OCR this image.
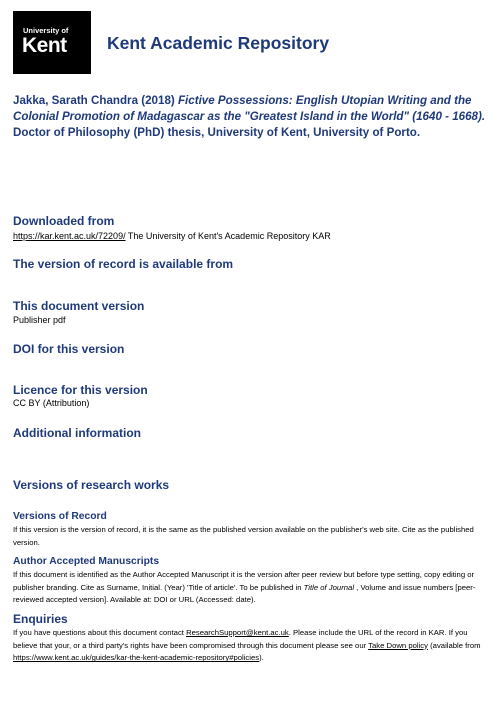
University of
Kent Kent Academic Repository
Jakka, Sarath Chandra (2018) Fictive Possessions: English Utopian Writing and the Colonial Promotion of Madagascar as the "Greatest Island in the World" (1640 - 1668). Doctor of Philosophy (PhD) thesis, University of Kent, University of Porto.
Downloaded from
https://kar.kent.ac.uk/72209/ The University of Kent's Academic Repository KAR
The version of record is available from
This document version
Publisher pdf
DOI for this version
Licence for this version
CC BY (Attribution)
Additional information
Versions of research works
Versions of Record
If this version is the version of record, it is the same as the published version available on the publisher's web site. Cite as the published version.
Author Accepted Manuscripts
If this document is identified as the Author Accepted Manuscript it is the version after peer review but before type setting, copy editing or publisher branding. Cite as Surname, Initial. (Year) 'Title of article'. To be published in Title of Journal , Volume and issue numbers [peer-reviewed accepted version]. Available at: DOI or URL (Accessed: date).
Enquiries
If you have questions about this document contact ResearchSupport@kent.ac.uk. Please include the URL of the record in KAR. If you believe that your, or a third party's rights have been compromised through this document please see our Take Down policy (available from https://www.kent.ac.uk/guides/kar-the-kent-academic-repository#policies).
